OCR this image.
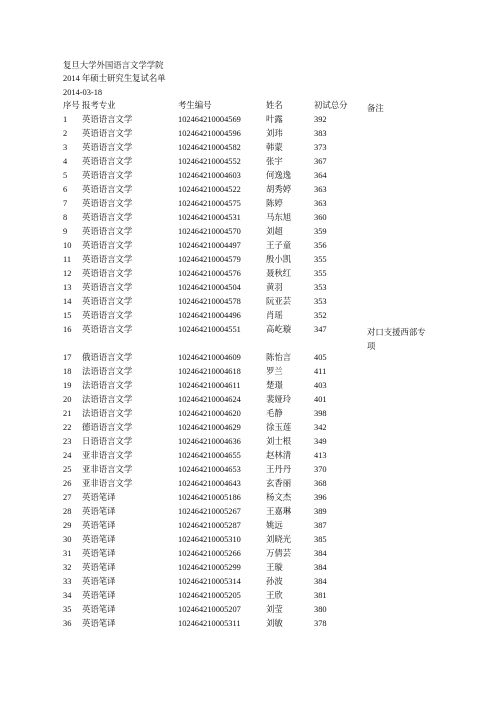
复旦大学外国语言文学学院
2014 年硕士研究生复试名单
2014-03-18
序号 报考专业	考生编号	姓名	初试总分 备注
1 英语语言文学	102464210004569	叶露	392
2 英语语言文学	102464210004596	刘玮	383
3 英语语言文学	102464210004582	韩蒙	373
4 英语语言文学	102464210004552	张宇	367
5 英语语言文学	102464210004603	何逸逸	364
6 英语语言文学	102464210004522	胡秀婷	363
7 英语语言文学	102464210004575	陈婷	363
8 英语语言文学	102464210004531	马东旭	360
9 英语语言文学	102464210004570	刘超	359
10 英语语言文学	102464210004497	王子童	356
11 英语语言文学	102464210004579	殷小凯	355
12 英语语言文学	102464210004576	聂秋红	355
13 英语语言文学	102464210004504	黄羽	353
14 英语语言文学	102464210004578	阮亚芸	353
15 英语语言文学	102464210004496	肖瑶	352
16 英语语言文学	102464210004551	高屹璇	347	对口支援西部专项
17 俄语语言文学	102464210004609	陈怡言	405
18 法语语言文学	102464210004618	罗兰	411
19 法语语言文学	102464210004611	楚璟	403
20 法语语言文学	102464210004624	裴娅玲	401
21 法语语言文学	102464210004620	毛静	398
22 德语语言文学	102464210004629	徐玉莲	342
23 日语语言文学	102464210004636	刘士根	349
24 亚非语言文学	102464210004655	赵林清	413
25 亚非语言文学	102464210004653	王丹丹	370
26 亚非语言文学	102464210004643	玄香丽	368
27 英语笔译	102464210005186	杨文杰	396
28 英语笔译	102464210005267	王嘉琳	389
29 英语笔译	102464210005287	姚远	387
30 英语笔译	102464210005310	刘晓光	385
31 英语笔译	102464210005266	万倩芸	384
32 英语笔译	102464210005299	王璇	384
33 英语笔译	102464210005314	孙波	384
34 英语笔译	102464210005205	王欣	381
35 英语笔译	102464210005207	刘莹	380
36 英语笔译	102464210005311	刘敏	378
